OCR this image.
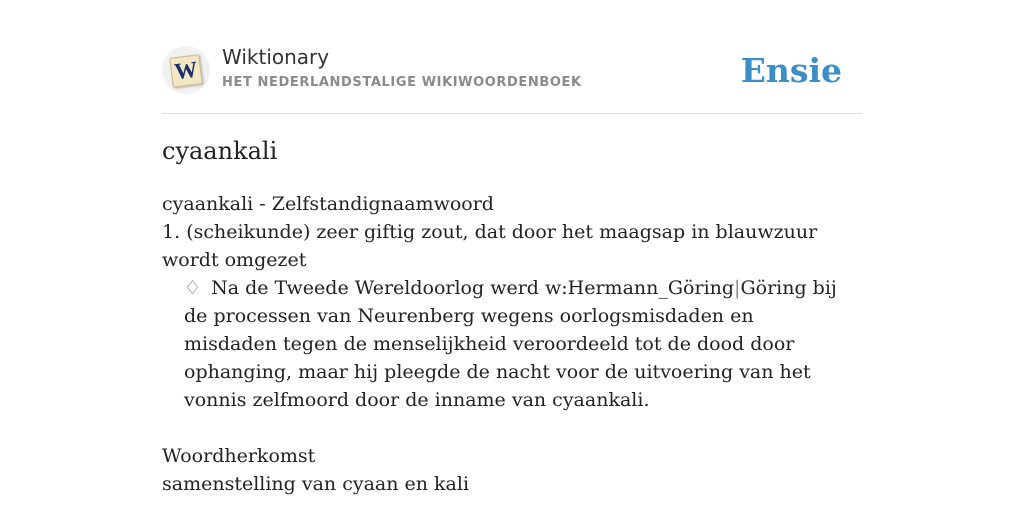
W Wiktionary
HET NEDERLANDSTALIGE WIKIWOORDENBOEK	Ensie
cyaankali

cyaankali - Zelfstandignaamwoord

1. (scheikunde) zeer giftig zout, dat door het maagsap in blauwzuur wordt omgezet

♢ Na de Tweede Wereldoorlog werd w:Hermann_Göring|Göring bij de processen van Neurenberg wegens oorlogsmisdaden en misdaden tegen de menselijkheid veroordeeld tot de dood door ophanging, maar hij pleegde de nacht voor de uitvoering van het vonnis zelfmoord door de inname van cyaankali.

Woordherkomst

samenstelling van cyaan en kali
